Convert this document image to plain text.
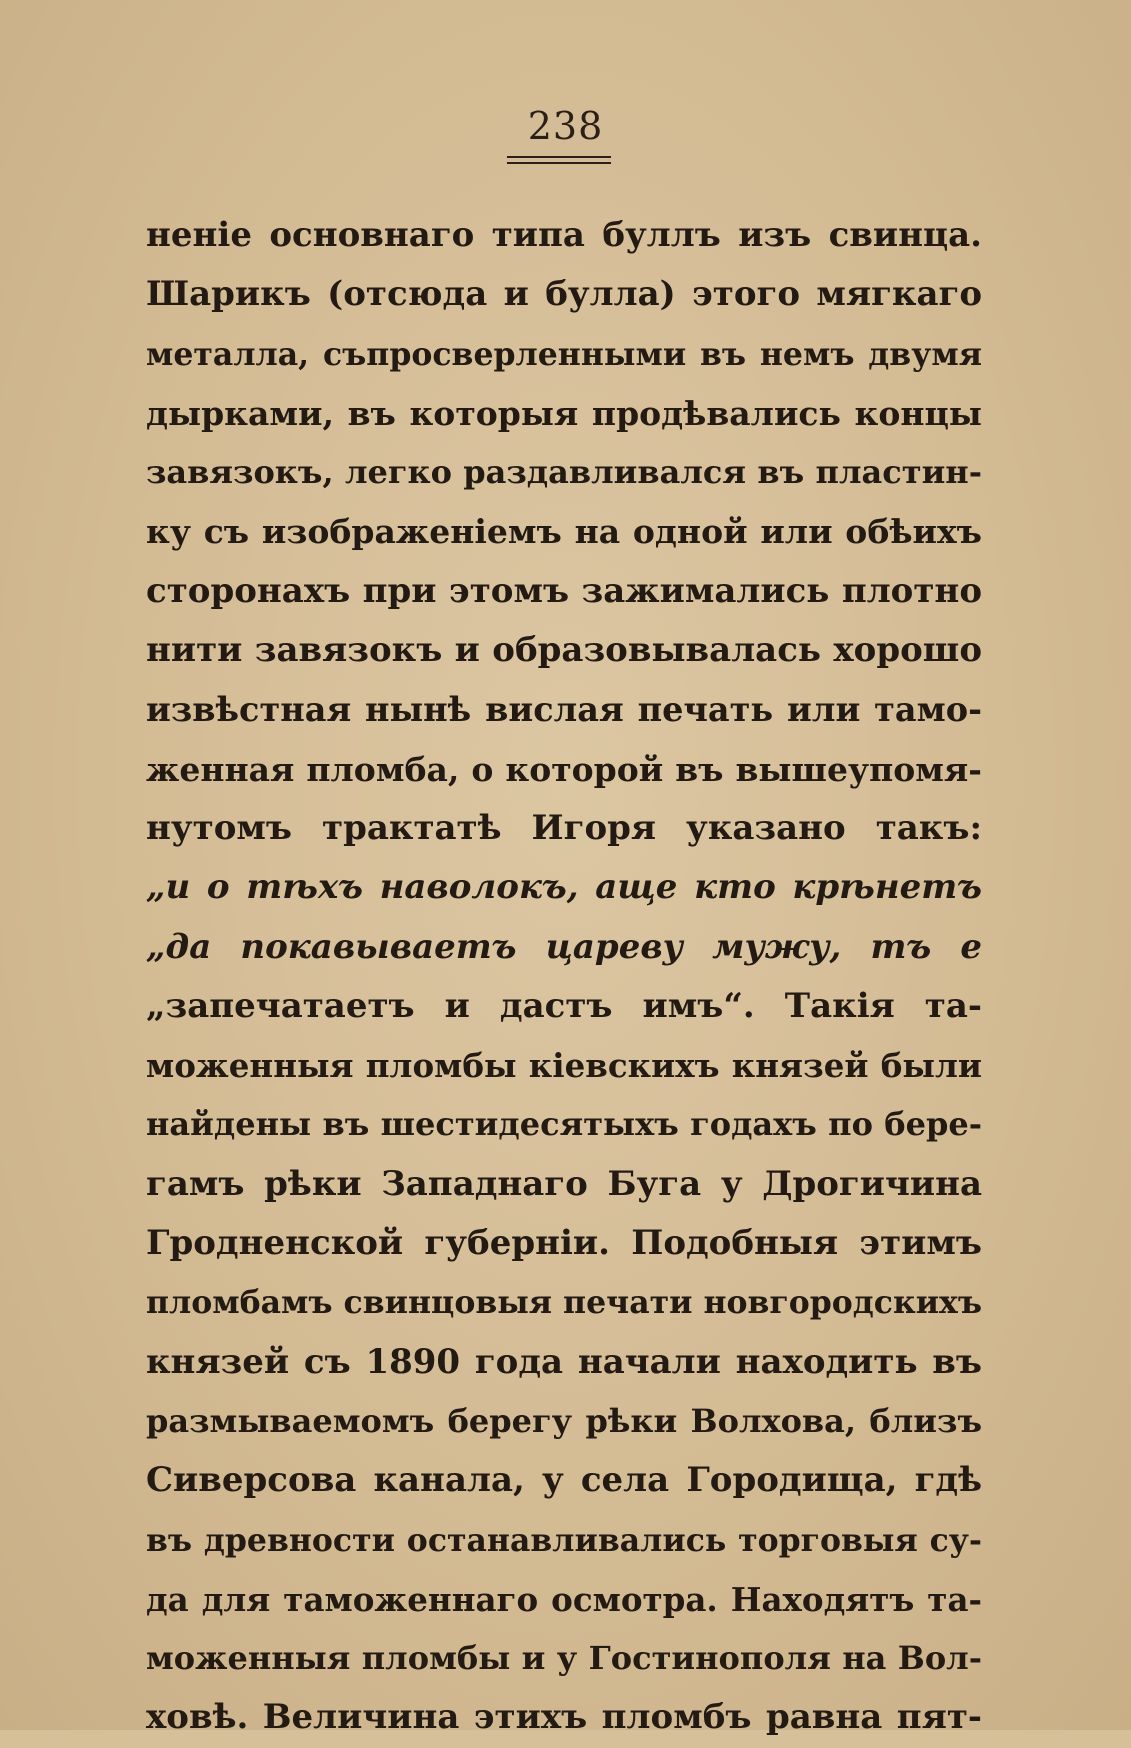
238
неніе основнаго типа буллъ изъ свинца.
Шарикъ (отсюда и булла) этого мягкаго
металла, съпросверленными въ немъ двумя
дырками, въ которыя продѣвались концы
завязокъ, легко раздавливался въ пластин-
ку съ изображеніемъ на одной или обѣихъ
сторонахъ при этомъ зажимались плотно
нити завязокъ и образовывалась хорошо
извѣстная нынѣ вислая печать или тамо-
женная пломба, о которой въ вышеупомя-
нутомъ трактатѣ Игоря указано такъ:
„и о тѣхъ наволокъ, аще кто крѣнетъ
„да покавываетъ цареву мужу, тъ е
„запечатаетъ и дастъ имъ“. Такія та-
моженныя пломбы кіевскихъ князей были
найдены въ шестидесятыхъ годахъ по бере-
гамъ рѣки Западнаго Буга у Дрогичина
Гродненской губерніи. Подобныя этимъ
пломбамъ свинцовыя печати новгородскихъ
князей съ 1890 года начали находить въ
размываемомъ берегу рѣки Волхова, близъ
Сиверсова канала, у села Городища, гдѣ
въ древности останавливались торговыя су-
да для таможеннаго осмотра. Находятъ та-
моженныя пломбы и у Гостинополя на Вол-
ховѣ. Величина этихъ пломбъ равна пят-
